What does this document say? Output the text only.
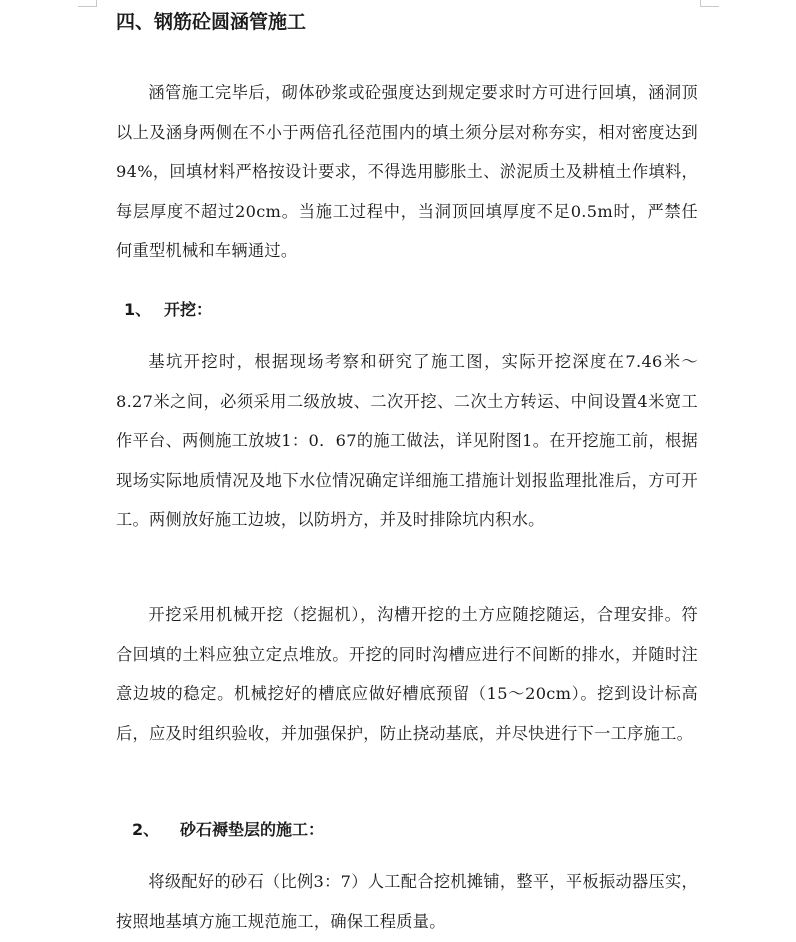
四、钢筋砼圆涵管施工

涵管施工完毕后，砌体砂浆或砼强度达到规定要求时方可进行回填，涵洞顶以上及涵身两侧在不小于两倍孔径范围内的填土须分层对称夯实，相对密度达到94%，回填材料严格按设计要求，不得选用膨胀土、淤泥质土及耕植土作填料，每层厚度不超过20cm。当施工过程中，当洞顶回填厚度不足0.5m时，严禁任何重型机械和车辆通过。

1、 开挖：

基坑开挖时，根据现场考察和研究了施工图，实际开挖深度在7.46米～8.27米之间，必须采用二级放坡、二次开挖、二次土方转运、中间设置4米宽工作平台、两侧施工放坡1：0．67的施工做法，详见附图1。在开挖施工前，根据现场实际地质情况及地下水位情况确定详细施工措施计划报监理批准后，方可开工。两侧放好施工边坡，以防坍方，并及时排除坑内积水。

开挖采用机械开挖（挖掘机），沟槽开挖的土方应随挖随运，合理安排。符合回填的土料应独立定点堆放。开挖的同时沟槽应进行不间断的排水，并随时注意边坡的稳定。机械挖好的槽底应做好槽底预留（15～20cm）。挖到设计标高后，应及时组织验收，并加强保护，防止挠动基底，并尽快进行下一工序施工。

2、 砂石褥垫层的施工：

将级配好的砂石（比例3：7）人工配合挖机摊铺，整平，平板振动器压实，按照地基填方施工规范施工，确保工程质量。
